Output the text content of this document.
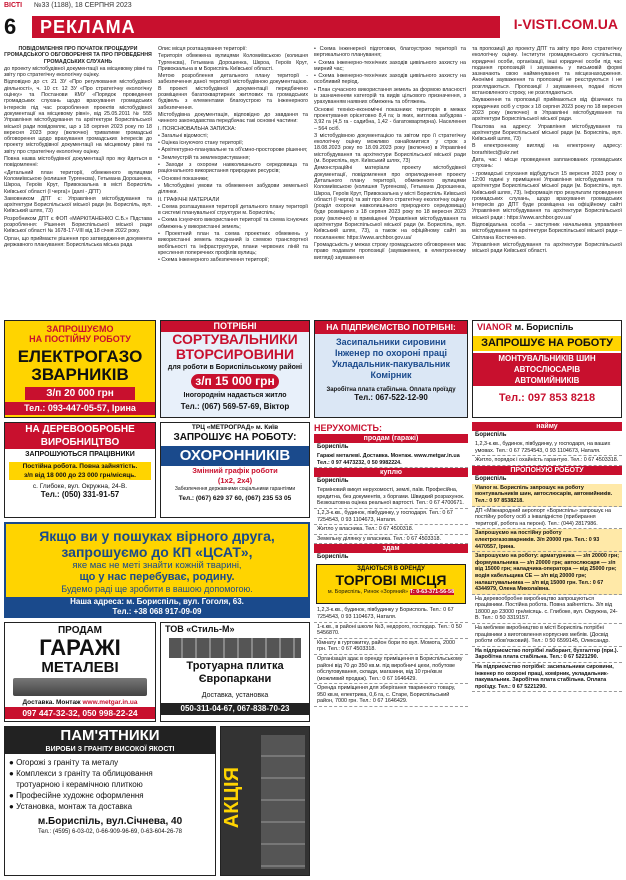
ВІСТІ №33 (1188), 18 СЕРПНЯ 2023
6	РЕКЛАМА	I-VISTI.COM.UA

ПОВІДОМЛЕННЯ ПРО ПОЧАТОК ПРОЦЕДУРИ ГРОМАДСЬКОГО ОБГОВОРЕННЯ ТА ПРО ПРОВЕДЕННЯ ГРОМАДСЬКИХ СЛУХАНЬ

до проекту містобудівної документації на місцевому рівні та звіту про стратегічну екологічну оцінку.

Відповідно до ст. 21 ЗУ «Про регулювання містобудівної діяльності», ч. 10 ст. 12 ЗУ «Про стратегічну екологічну оцінку» та Постанови КМУ «Порядок проведення громадських слухань щодо врахування громадських інтересів під час розроблення проектів містобудівної документації на місцевому рівні», від 25.05.2011 № 555 Управління містобудування та архітектури Бориспільської міської ради повідомляє, що з 18 серпня 2023 року по 18 вересня 2023 року (включно) триватиме громадські обговорення щодо врахування громадських інтересів до проекту містобудівної документації на місцевому рівні та звіту про стратегічну екологічну оцінку.

Повна назва містобудівної документації про яку йдеться в повідомленні:

«Детальний план території, обмеженого вулицями Коломиївською (колишня Тургенєва), Гетьмана Дорошенка, Шкроа, Героїв Крут, Привокзальна в місті Бориспіль Київської області (І черга)» (далі - ДПТ)

Замовником ДПТ є: Управління містобудування та архітектури Бориспільської міської ради (м. Бориспіль, вул. Київський шлях, 73)

Розробником ДПТ є ФОП «МАРКІТАНЕНКО С.Б.» Підстава розроблення: Рішення Бориспільської міської ради Київської області № 1678-17-VIII від 18 січня 2022 року.

Орган, що приймаєте рішення про затвердження документа державного планування: Бориспільська міська рада

Опис місця розташування території:

Територія обмежена вулицями Коломиївською (колишня Тургенєва), Гетьмана Дорошенка, Шкроа, Героїв Крут, Привокзальна в м Бориспіль Київської області.

Метою розроблення детального плану території - забезпечення даної території містобудівною документацією. В проекті містобудівної документації передбачено розміщення багатоквартирних житлових та громадських будівель з елементами благоустрою та інженерного забезпечення.

Містобудівна документація, відповідно до завдання та чинного законодавства передбачає такі основні частини:

І. ПОЯСНЮВАЛЬНА ЗАПИСКА:

• Загальні відомості;

• Оцінка існуючого стану території;

• Архітектурно-планувальне та об'ємно-просторове рішення;

• Землеустрій та землекористування;

• Заходи з охорони навколишнього середовища та раціонального використання природних ресурсів;

• Основні показники;

• Містобудівні умови та обмеження забудови земельної ділянки.

ІІ. ГРАФІЧНІ МАТЕРІАЛИ

• Схема розташування території детального плану території в системі планувальної структури м. Бориспіль;

• Схема існуючого використання території та схема існуючих обмежень у використанні земель;

• Проектний план та схема проектних обмежень у використанні земель поєднаний із схемою транспортної мобільності та інфраструктури, плани червоних ліній та креслення поперечних профілів вулиць;

• Схема інженерного забезпечення території;

• Схема інженерної підготовки, благоустрою території та вертикального планування;

• Схема інженерно-технічних заходів цивільного захисту на мирний час;

• Схема інженерно-технічних заходів цивільного захисту на особливий період.

• План сучасного використання земель за формою власності із зазначенням категорій та видів цільового призначення, з урахуванням наявних обмежень та обтяжень.

Основні техніко-економічні показники: територія в межах проектування орієнтовно 8,4 га; із яких, житлова забудова - 3,92 га (4,5 га - садибна, 1,42 - багатоквартирна). Населення – 564 осіб.

З містобудівною документацією та звітом про її стратегічну екологічну оцінку можливо ознайомитися у строк з 18.08.2023 року по 18.09.2023 року (включно) в Управлінні містобудування та архітектури Бориспільської міської ради (м. Бориспіль, вул. Київський шлях, 73)

Демонстраційні матеріали проекту містобудівної документації, повідомлення про оприлюднення проекту Детального плану території, обмеженого вулицями Коломиївською (колишня Тургенєва), Гетьмана Дорошенка, Шкроа, Героїв Крут, Привокзальна у місті Бориспіль Київської області (І черга) та звіт про його стратегічну екологічну оцінку (розділ охорони навколишнього природного середовища) буде розміщено з 18 серпня 2023 року по 18 вересня 2023 року (включно) в приміщенні Управління містобудування та архітектури Бориспільської міської ради (м. Бориспіль, вул. Київський шлях, 73), а також на офіційному сайті за посиланням: https://www.archbor.gov.ua/

Громадськість у межах строку громадського обговорення має право подавати пропозиції (зауваження, в електронному вигляді) зауваження

та пропозиції до проекту ДПТ та звіту про його стратегічну екологічну оцінку. Інститути громадянського суспільства, юридичні особи, організації, інші юридичні особи під час подання пропозицій і зауважень у письмовій формі зазначають свою найменування та місцезнаходження. Анонімні зауваження та пропозиції не реєструються і не розглядаються. Пропозиції / зауваження, подані після встановленого строку, не розглядаються.

Зауваження та пропозиції приймаються від фізичних та юридичних осіб у строк з 18 серпня 2023 року по 18 вересня 2023 року (включно) в Управлінні містобудування та архітектури Бориспільської міської ради.

Поштова на адресу: Управління містобудування та архітектури Бориспільської міської ради (м. Бориспіль, вул. Київський шлях, 73)

В електронному вигляді на електронну адресу: borarhitect@ukr.net

Дата, час і місце проведення запланованих громадських слухань:

- громадські слухання відбудуться 15 вересня 2023 року о 12:00 годині у приміщенні Управління містобудування та архітектури Бориспільської міської ради (м. Бориспіль, вул. Київський шлях, 73). Інформація про результати проведення громадських слухань, щодо врахування громадських інтересів до ДПТ буде розміщена на офіційному сайті Управління містобудування та архітектури Бориспільської міської ради : https://www.archbor.gov.ua/

Відповідальна особа – заступник начальника управління містобудування та архітектури Бориспільської міської ради – Світлана Костюченко.

Управління містобудування та архітектури Бориспільської міської ради Київської області.

ЗАПРОШУЄМО
НА ПОСТІЙНУ РОБОТУ
ЕЛЕКТРОГАЗО
ЗВАРНИКІВ
З/п 20 000 грн
Тел.: 093-447-05-57, Ірина
ПОТРІБНІ
СОРТУВАЛЬНИКИ
ВТОРСИРОВИНИ
для роботи в Бориспільському районі
з/п 15 000 грн
Іногороднім надається житло
Тел.: (067) 569-57-69, Віктор
НА ПІДПРИЄМСТВО ПОТРІБНІ:
Засипальники сировини
Інженер по охороні праці
Укладальник-пакувальник
Комірник
Заробітна плата стабільна. Оплата проїзду
Тел.: 067-522-12-90
VIANOR м. Бориспіль
ЗАПРОШУЄ НА РОБОТУ
МОНТУВАЛЬНИКІВ ШИН
АВТОСЛЮСАРІВ
АВТОМИЙНИКІВ
Тел.: 097 853 8218
НА ДЕРЕВООБРОБНЕ
ВИРОБНИЦТВО
ЗАПРОШУЮТЬСЯ ПРАЦІВНИКИ
Постійна робота. Повна зайнятість.
з/п від 18 000 до 23 000 грн/місяць.
с. Глибоке, вул. Окружна, 24-В.
Тел.: (050) 331-91-57
ТРЦ «МЕТРОГРАД» м. Київ
ЗАПРОШУЄ НА РОБОТУ:
ОХОРОННИКІВ
Змінний графік роботи
(1х2, 2х4)
Забезпечення державними соціальними гарантіями
Тел.: (067) 629 37 60, (067) 235 53 05
Якщо ви у пошуках вірного друга,
запрошуємо до КП «ЦСАТ»,
яке має не меті знайти кожній тварині,
що у нас перебуває, родину.
Будемо раді ще зробити в вашою допомогою.
Наша адреса: м. Бориспіль, вул. Гоголя, 63.
Тел.: +38 068 917-09-09
ПРОДАМ
ГАРАЖІ
МЕТАЛЕВІ
Доставка. Монтаж www.metgar.in.ua
097 447-32-32, 050 998-22-24
ТОВ «Стиль-М»
Тротуарна плитка
Європаркани
Доставка, установка
050-311-04-67, 067-838-70-23
ПАМ'ЯТНИКИ
ВИРОБИ З ГРАНІТУ ВИСОКОЇ ЯКОСТІ
● Огорожі з граніту та металу
● Комплекси з граніту та облицювання
тротуарною і керамічною плиткою
● Професійне художнє оформлення
● Установка, монтаж та доставка
м.Бориспіль, вул.Січнева, 40
Тел.: (4595) 6-03-02, 0-66-909-96-69, 0-63-604-26-78
АКЦІЯ
НЕРУХОМІСТЬ:
продам (гаражі)
Бориспіль
Гаражі металеві. Доставка. Монтаж. www.metgar.in.ua Тел.: 0 97 4473232, 0 50 9982224.
куплю
Бориспіль
Терміновий викуп нерухомості, землі, паїв. Професійна, кредитна, без документів, з боргами. Швидкий розрахунок. Безкоштовна оцінка реальної вартості. Тел.: 0 67 4700671.
1,2,3-к.кв., будинок, півбудинку, у господаря. Тел.: 0 67 7254543, 0 93 1104673, Наталя.
Житло у власника. Тел.: 0 67 4500318.
Земельну ділянку у власника. Тел.: 0 67 4503318.
здам
Бориспіль
ЗДАЮТЬСЯ В ОРЕНДУ
ТОРГОВІ МІСЦЯ
м. Бориспіль, Ринок «Зоряний» Т: 0-63-371-56-58
1,2,3-к.кв., будинок, півбудинку у Борисполь. Тел.: 0 67 7254543, 0 93 1104673, Наталя.
1-к.кв., в районі школи №3, недорого, господар. Тел.: 0 50 5456870.
Кімнату в гуртожитку, район бори по вул. Момота, 2000 грн. Тел.: 0 67 4503318.
Організація здає в оренду приміщення в Бориспільському районі від 70 до 350 кв.м. під виробничі цехи, побутове обслуговування, склади, магазини, від 10 грн/кв.м (можливий продаж). Тел.: 0 67 1646429.
Оренда приміщення для зберігання тваринного товару, 950 кв.м, електрика, 0,6 га, с. Старе, Бориспільський район, 7000 грн. Тел.: 0 67 1646429.
найму
Бориспіль
1,2,3-к.кв., будинок, півбудинку, у господаря, на ваших умовах. Тел.: 0 67 7254543, 0 93 1104673, Наталя.
Житло, порядок і охайність гарантую. Тел.: 0 67 4503318.
ПРОПОНУЮ РОБОТУ
Бориспіль
Vianor м. Бориспіль запрошує на роботу монтувальників шин, автослюсарів, автомийників. Тел.: 0 97 8538218.
ДП «Міжнародний аеропорт «Бориспіль» запрошує на постійну роботу осіб з інвалідністю (прибирання території, робота на пероні). Тел.: (044) 2817986.
Запрошуємо на постійну роботу електрогазозварників. З/п 20000 грн. Тел.: 0 93 4470557, Ірина.
Запрошуємо на роботу: арматурника — з/п 20000 грн; формувальника — з/п 20000 грн; автослюсаря — з/п від 15000 грн; наладчика-оператора — від 25000 грн; водія кабельщика СЕ — з/п від 20000 грн; налаштувальника — з/п від 15000 грн. Тел.: 0 67 4344979, Олена Миколаївна.
На деревообробне виробництво запрошуються працівники. Постійна робота. Повна зайнятість. З/п від 18000 до 23000 грн/місяць. с. Глибоке, вул. Окружна, 24-В. Тел.: 0 50 3319157.
На меблеве виробництво в місті Бориспіль потрібні працівники з виготовлення корпусних меблів. (Досвід роботи обов'язковий). Тел.: 0 50 6599145, Олександр.
На підприємство потрібні лаборант, бухгалтер (при.). Заробітна плата стабільна. Тел.: 0 67 5221290.
На підприємство потрібні: засипальники сировини, інженер по охороні праці, комірник, укладальник-пакувальник. Заробітна плата стабільна. Оплата проїзду. Тел.: 0 67 5221290.
